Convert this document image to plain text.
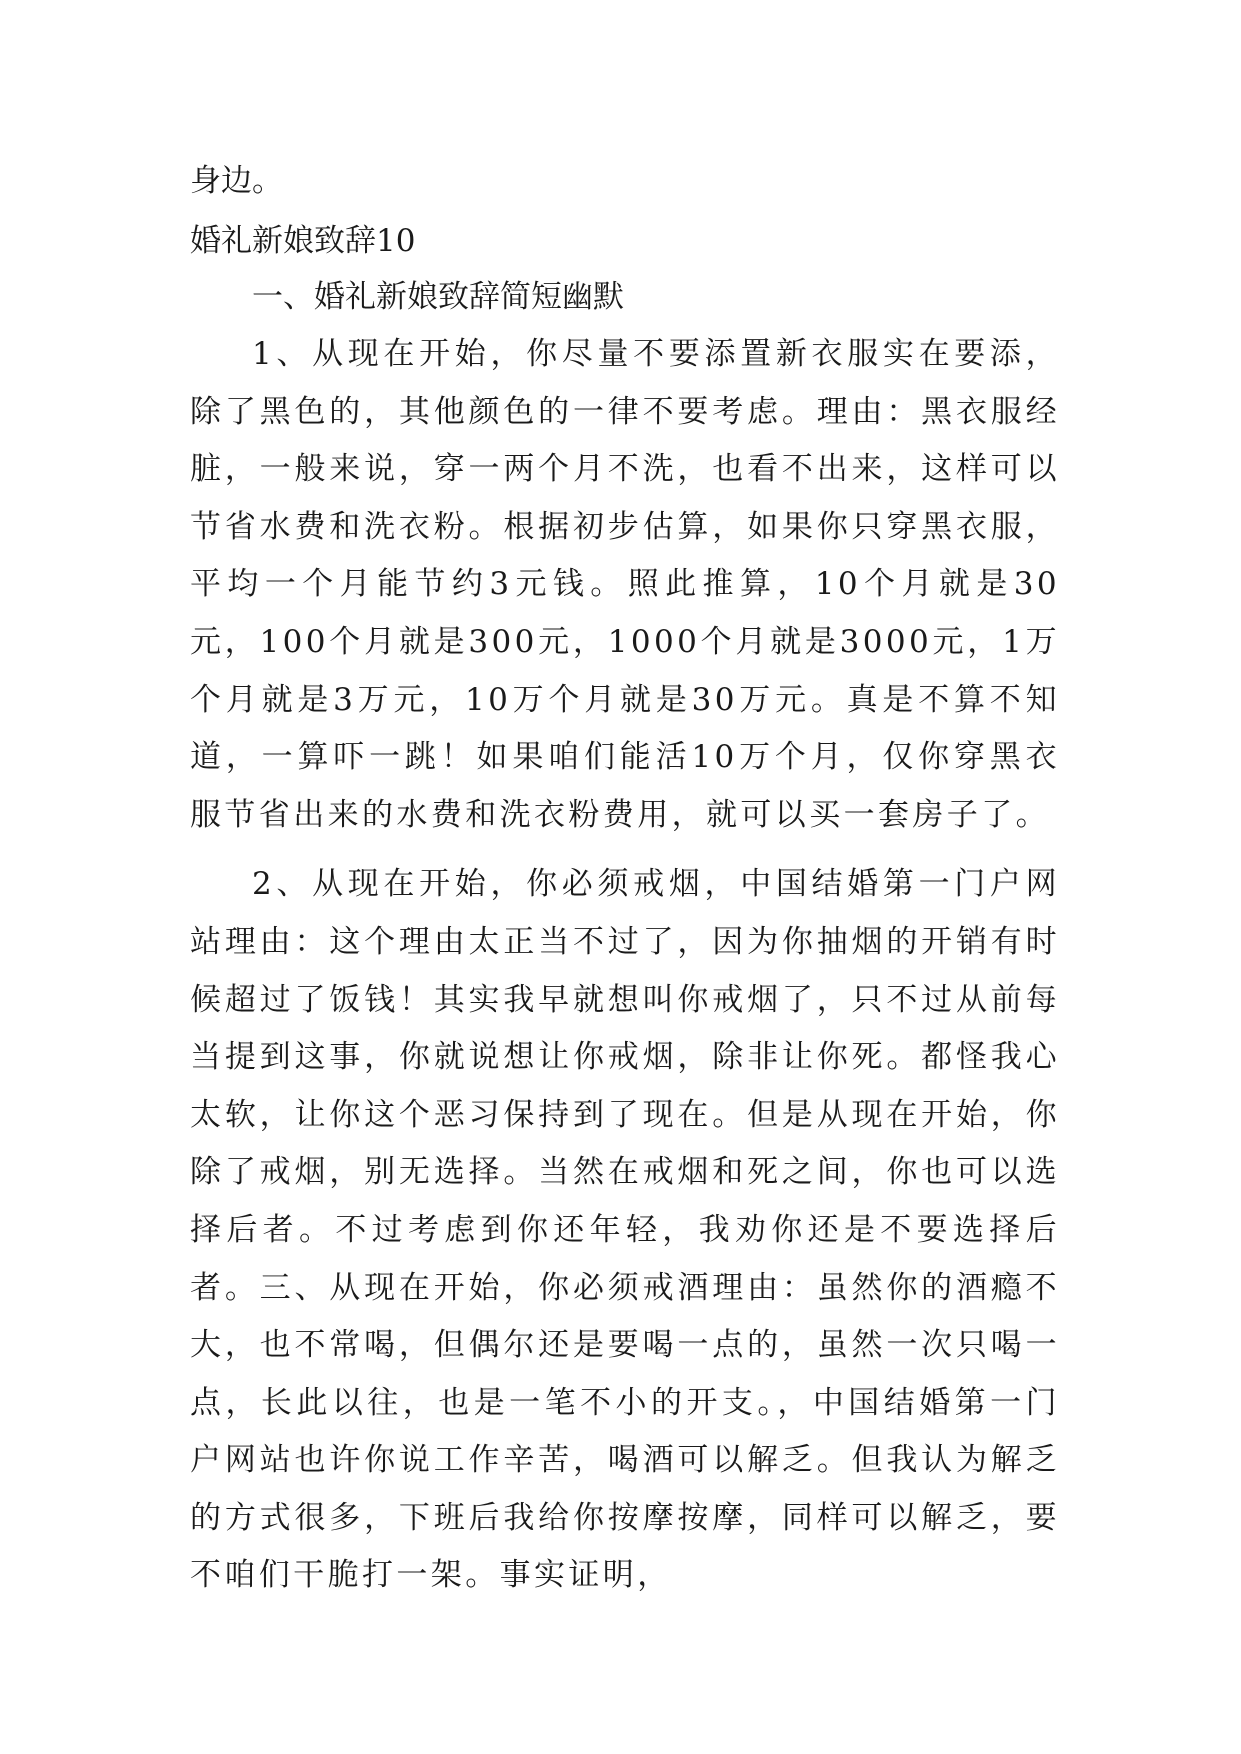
身边。

婚礼新娘致辞10

一、婚礼新娘致辞简短幽默

1、从现在开始，你尽量不要添置新衣服实在要添，除了黑色的，其他颜色的一律不要考虑。理由：黑衣服经脏，一般来说，穿一两个月不洗，也看不出来，这样可以节省水费和洗衣粉。根据初步估算，如果你只穿黑衣服，平均一个月能节约3元钱。照此推算，10个月就是30元，100个月就是300元，1000个月就是3000元，1万个月就是3万元，10万个月就是30万元。真是不算不知道，一算吓一跳！如果咱们能活10万个月，仅你穿黑衣服节省出来的水费和洗衣粉费用，就可以买一套房子了。

2、从现在开始，你必须戒烟，中国结婚第一门户网站理由：这个理由太正当不过了，因为你抽烟的开销有时候超过了饭钱！其实我早就想叫你戒烟了，只不过从前每当提到这事，你就说想让你戒烟，除非让你死。都怪我心太软，让你这个恶习保持到了现在。但是从现在开始，你除了戒烟，别无选择。当然在戒烟和死之间，你也可以选择后者。不过考虑到你还年轻，我劝你还是不要选择后者。三、从现在开始，你必须戒酒理由：虽然你的酒瘾不大，也不常喝，但偶尔还是要喝一点的，虽然一次只喝一点，长此以往，也是一笔不小的开支。，中国结婚第一门户网站也许你说工作辛苦，喝酒可以解乏。但我认为解乏的方式很多，下班后我给你按摩按摩，同样可以解乏，要不咱们干脆打一架。事实证明，
